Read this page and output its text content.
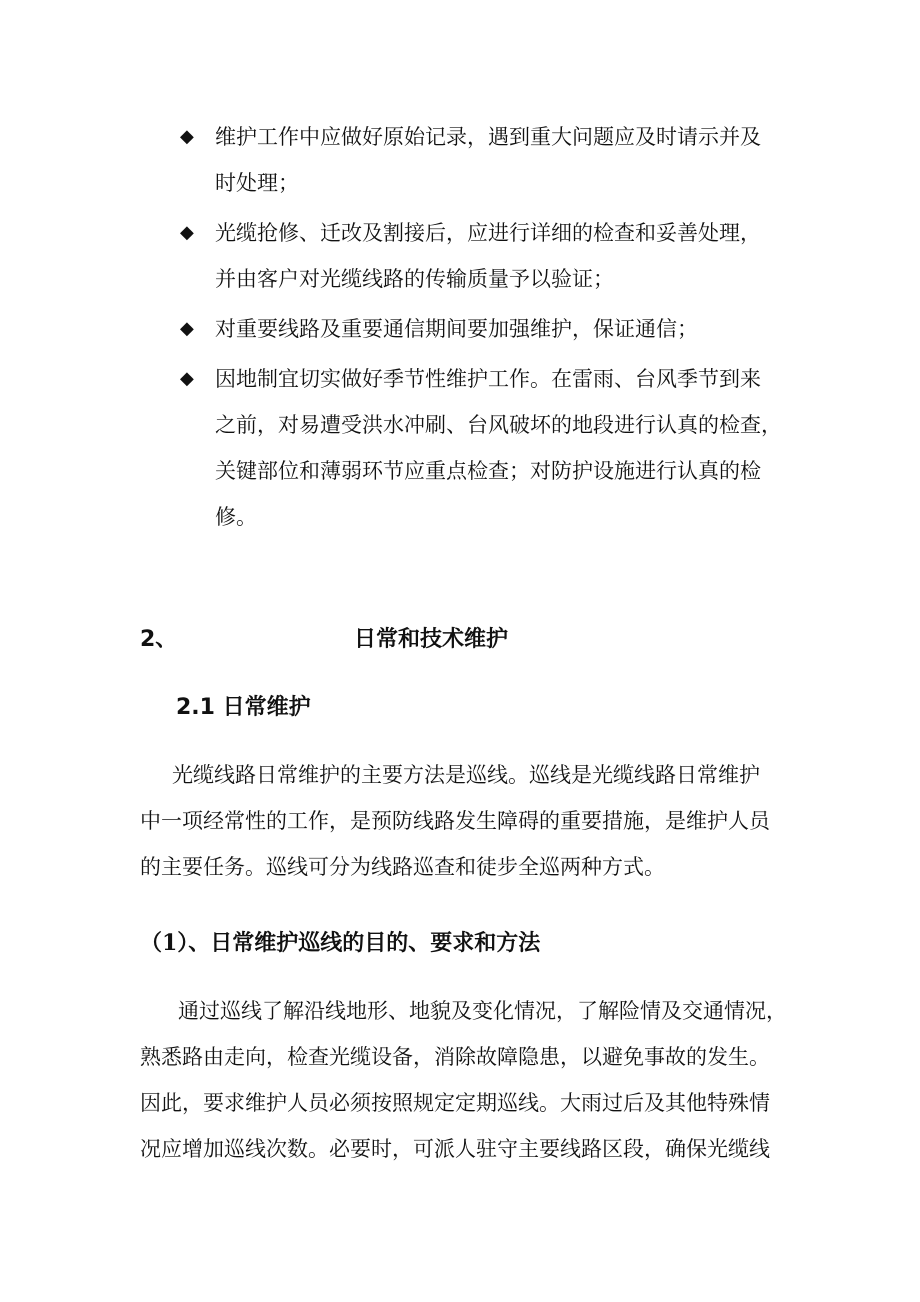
◆	维护工作中应做好原始记录，遇到重大问题应及时请示并及
时处理；
◆	光缆抢修、迁改及割接后，应进行详细的检查和妥善处理，
并由客户对光缆线路的传输质量予以验证；
◆	对重要线路及重要通信期间要加强维护，保证通信；
◆	因地制宜切实做好季节性维护工作。在雷雨、台风季节到来
之前，对易遭受洪水冲刷、台风破坏的地段进行认真的检查，
关键部位和薄弱环节应重点检查；对防护设施进行认真的检
修。
2、	日常和技术维护
2.1 日常维护
光缆线路日常维护的主要方法是巡线。巡线是光缆线路日常维护
中一项经常性的工作，是预防线路发生障碍的重要措施，是维护人员
的主要任务。巡线可分为线路巡查和徒步全巡两种方式。
（1）、日常维护巡线的目的、要求和方法
通过巡线了解沿线地形、地貌及变化情况，了解险情及交通情况，
熟悉路由走向，检查光缆设备，消除故障隐患，以避免事故的发生。
因此，要求维护人员必须按照规定定期巡线。大雨过后及其他特殊情
况应增加巡线次数。必要时，可派人驻守主要线路区段，确保光缆线
